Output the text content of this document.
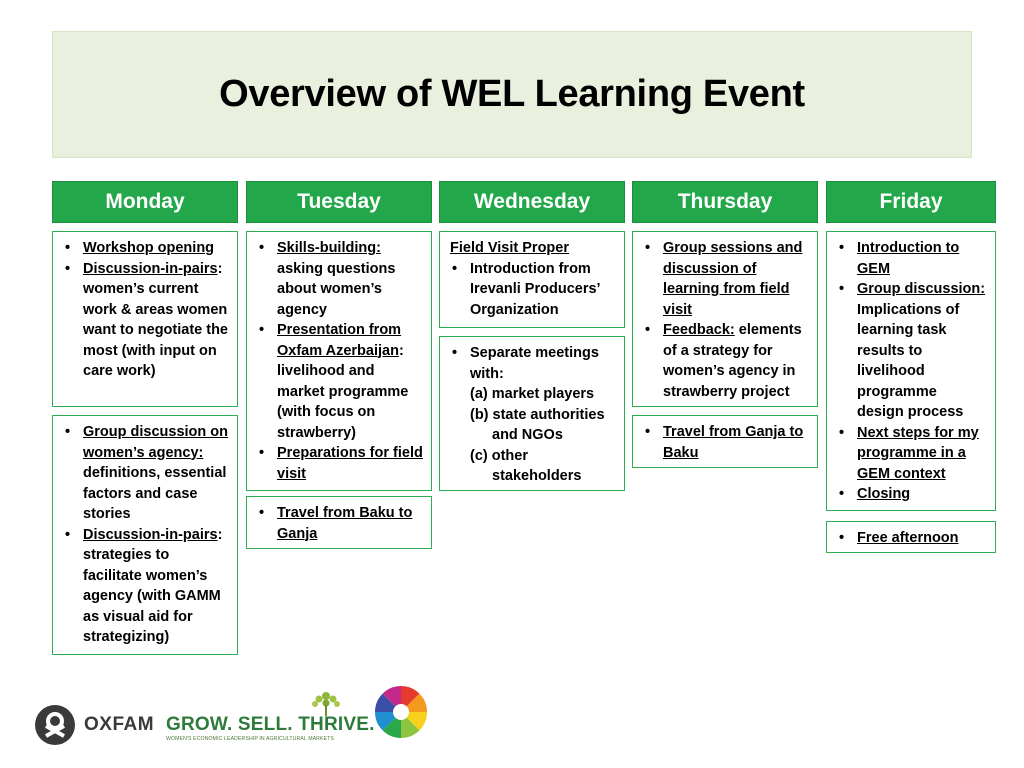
Overview of WEL Learning Event
Monday
• Workshop opening
• Discussion-in-pairs: women’s current work & areas women want to negotiate the most (with input on care work)
• Group discussion on women’s agency: definitions, essential factors and case stories
• Discussion-in-pairs: strategies to facilitate women’s agency (with GAMM as visual aid for strategizing)
Tuesday
• Skills-building: asking questions about women’s agency
• Presentation from Oxfam Azerbaijan: livelihood and market programme (with focus on strawberry)
• Preparations for field visit
• Travel from Baku to Ganja
Wednesday
Field Visit Proper
• Introduction from Irevanli Producers’ Organization
• Separate meetings with:
(a) market players
(b) state authorities and NGOs
(c) other stakeholders
Thursday
• Group sessions and discussion of learning from field visit
• Feedback: elements of a strategy for women’s agency in strawberry project
• Travel from Ganja to Baku
Friday
• Introduction to GEM
• Group discussion: Implications of learning task results to livelihood programme design process
• Next steps for my programme in a GEM context
• Closing
• Free afternoon
OXFAM GROW. SELL. THRIVE.
WOMEN'S ECONOMIC LEADERSHIP IN AGRICULTURAL MARKETS
